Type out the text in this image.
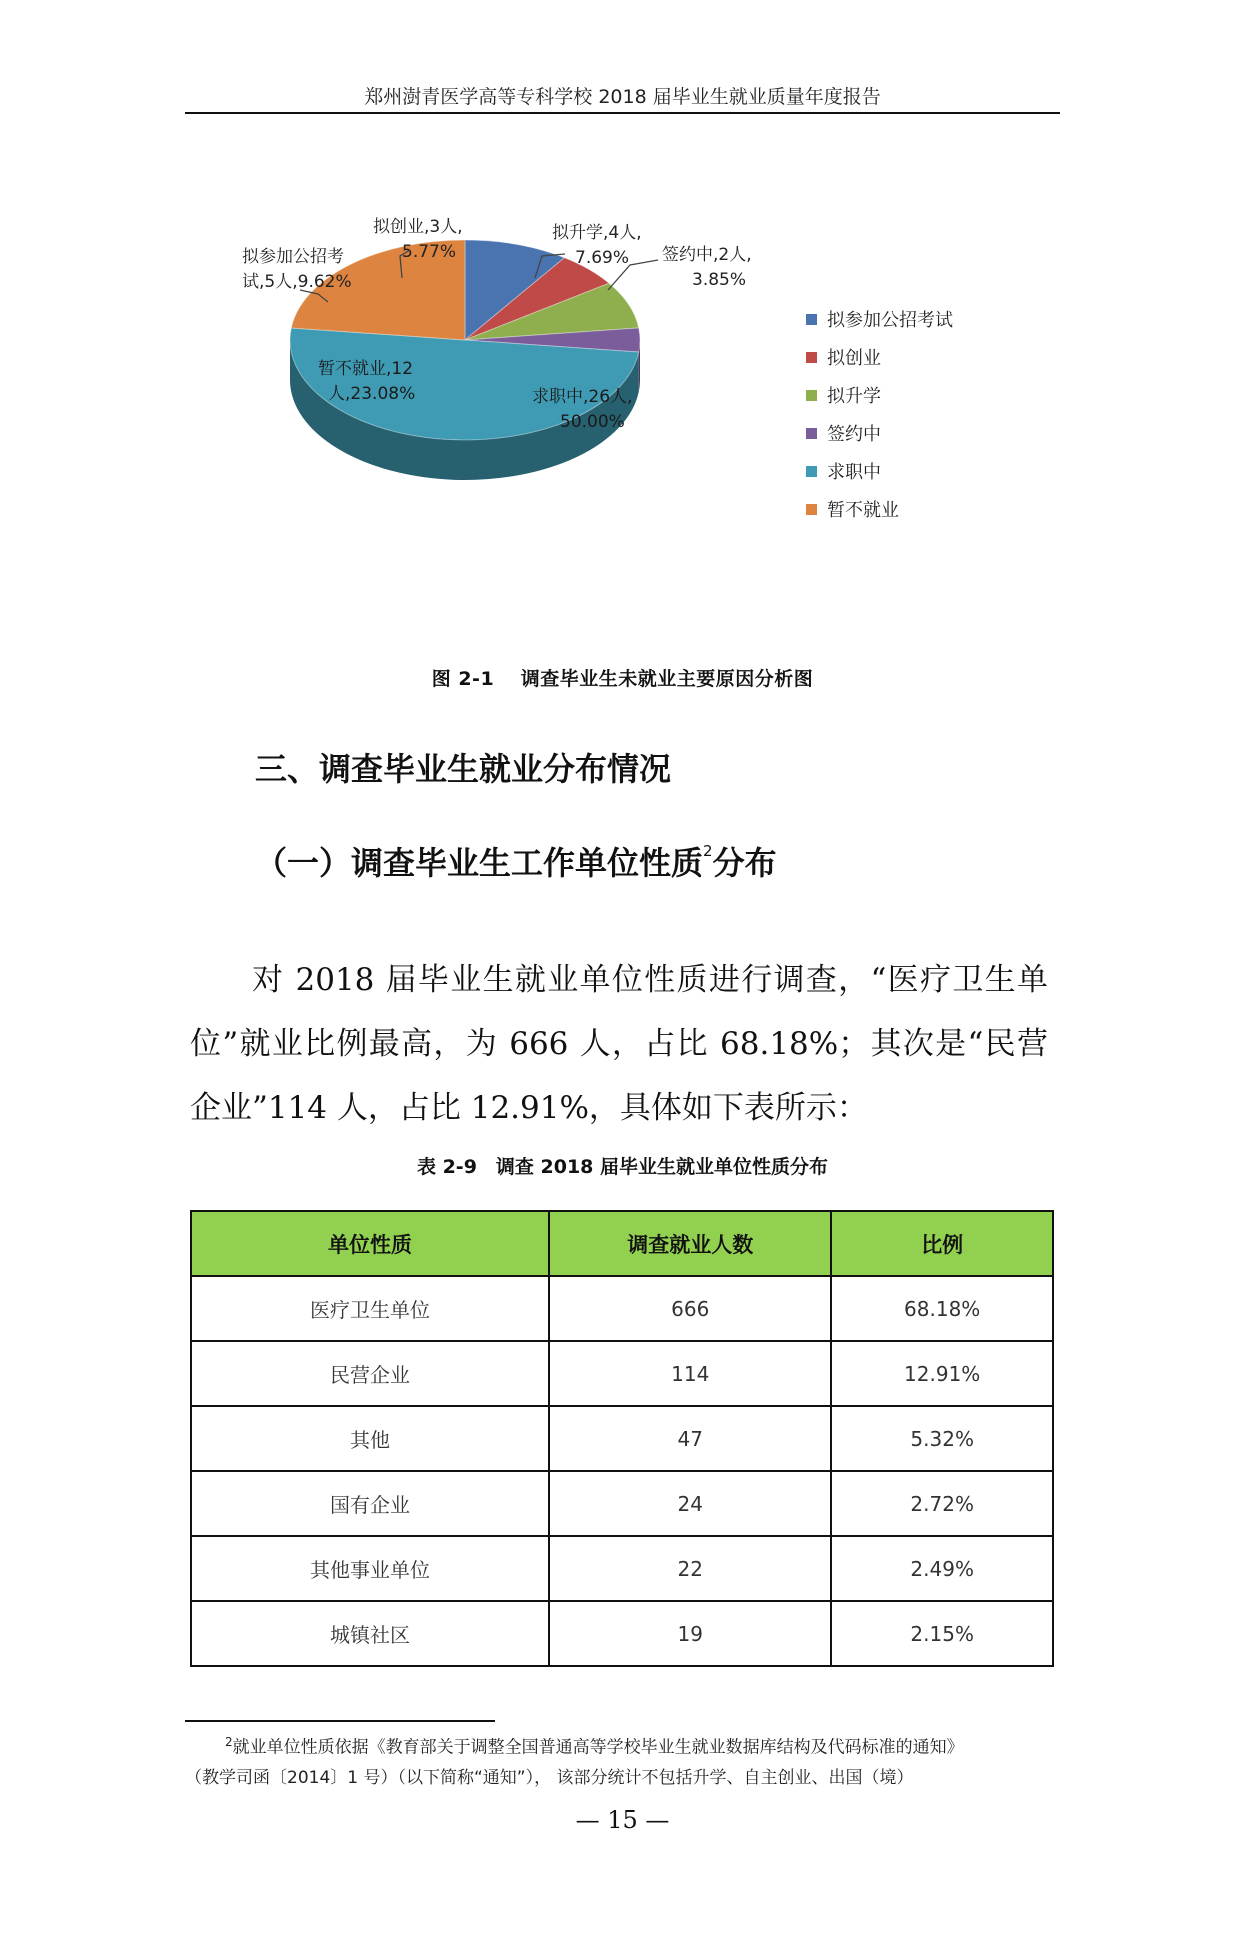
郑州澍青医学高等专科学校 2018 届毕业生就业质量年度报告
拟参加公招考
试,5人,9.62%
拟创业,3人,
5.77%
拟升学,4人,
7.69% 签约中,2人,
3.85%
求职中,26人,
50.00%
暂不就业,12
人,23.08%
拟参加公招考试
拟创业
拟升学
签约中
求职中
暂不就业
图 2-1　 调查毕业生未就业主要原因分析图
三、调查毕业生就业分布情况
（一）调查毕业生工作单位性质$^2$分布
对 2018 届毕业生就业单位性质进行调查，“医疗卫生单位”就业比例最高，为 666 人，占比 68.18%；其次是“民营企业”114 人，占比 12.91%，具体如下表所示：
表 2-9　调查 2018 届毕业生就业单位性质分布
单位性质	调查就业人数	比例
医疗卫生单位	666	68.18%
民营企业	114	12.91%
其他	47	5.32%
国有企业	24	2.72%
其他事业单位	22	2.49%
城镇社区	19	2.15%
$^2$就业单位性质依据《教育部关于调整全国普通高等学校毕业生就业数据库结构及代码标准的通知》
（教学司函〔2014〕1 号）（以下简称“通知”）， 该部分统计不包括升学、自主创业、出国（境）
— 15 —
